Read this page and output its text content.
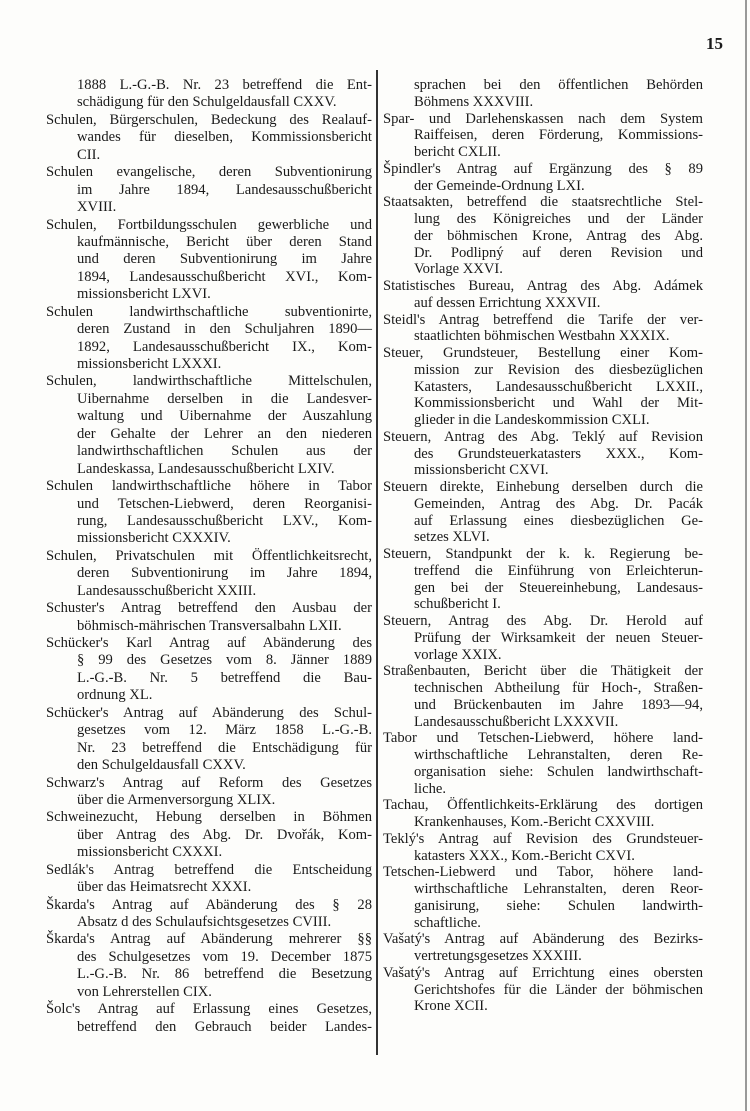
15
1888 L.-G.-B. Nr. 23 betreffend die Ent-
schädigung für den Schulgeldausfall CXXV.
Schulen, Bürgerschulen, Bedeckung des Realauf-
wandes für dieselben, Kommissionsbericht
CII.
Schulen evangelische, deren Subventionirung
im Jahre 1894, Landesausschußbericht
XVIII.
Schulen, Fortbildungsschulen gewerbliche und
kaufmännische, Bericht über deren Stand
und deren Subventionirung im Jahre
1894, Landesausschußbericht XVI., Kom-
missionsbericht LXVI.
Schulen landwirthschaftliche subventionirte,
deren Zustand in den Schuljahren 1890—
1892, Landesausschußbericht IX., Kom-
missionsbericht LXXXI.
Schulen, landwirthschaftliche Mittelschulen,
Uibernahme derselben in die Landesver-
waltung und Uibernahme der Auszahlung
der Gehalte der Lehrer an den niederen
landwirthschaftlichen Schulen aus der
Landeskassa, Landesausschußbericht LXIV.
Schulen landwirthschaftliche höhere in Tabor
und Tetschen-Liebwerd, deren Reorganisi-
rung, Landesausschußbericht LXV., Kom-
missionsbericht CXXXIV.
Schulen, Privatschulen mit Öffentlichkeitsrecht,
deren Subventionirung im Jahre 1894,
Landesausschußbericht XXIII.
Schuster's Antrag betreffend den Ausbau der
böhmisch-mährischen Transversalbahn LXII.
Schücker's Karl Antrag auf Abänderung des
§ 99 des Gesetzes vom 8. Jänner 1889
L.-G.-B. Nr. 5 betreffend die Bau-
ordnung XL.
Schücker's Antrag auf Abänderung des Schul-
gesetzes vom 12. März 1858 L.-G.-B.
Nr. 23 betreffend die Entschädigung für
den Schulgeldausfall CXXV.
Schwarz's Antrag auf Reform des Gesetzes
über die Armenversorgung XLIX.
Schweinezucht, Hebung derselben in Böhmen
über Antrag des Abg. Dr. Dvořák, Kom-
missionsbericht CXXXI.
Sedlák's Antrag betreffend die Entscheidung
über das Heimatsrecht XXXI.
Škarda's Antrag auf Abänderung des § 28
Absatz d des Schulaufsichtsgesetzes CVIII.
Škarda's Antrag auf Abänderung mehrerer §§
des Schulgesetzes vom 19. December 1875
L.-G.-B. Nr. 86 betreffend die Besetzung
von Lehrerstellen CIX.
Šolc's Antrag auf Erlassung eines Gesetzes,
betreffend den Gebrauch beider Landes-
sprachen bei den öffentlichen Behörden
Böhmens XXXVIII.
Spar- und Darlehenskassen nach dem System
Raiffeisen, deren Förderung, Kommissions-
bericht CXLII.
Špindler's Antrag auf Ergänzung des § 89
der Gemeinde-Ordnung LXI.
Staatsakten, betreffend die staatsrechtliche Stel-
lung des Königreiches und der Länder
der böhmischen Krone, Antrag des Abg.
Dr. Podlipný auf deren Revision und
Vorlage XXVI.
Statistisches Bureau, Antrag des Abg. Adámek
auf dessen Errichtung XXXVII.
Steidl's Antrag betreffend die Tarife der ver-
staatlichten böhmischen Westbahn XXXIX.
Steuer, Grundsteuer, Bestellung einer Kom-
mission zur Revision des diesbezüglichen
Katasters, Landesausschußbericht LXXII.,
Kommissionsbericht und Wahl der Mit-
glieder in die Landeskommission CXLI.
Steuern, Antrag des Abg. Teklý auf Revision
des Grundsteuerkatasters XXX., Kom-
missionsbericht CXVI.
Steuern direkte, Einhebung derselben durch die
Gemeinden, Antrag des Abg. Dr. Pacák
auf Erlassung eines diesbezüglichen Ge-
setzes XLVI.
Steuern, Standpunkt der k. k. Regierung be-
treffend die Einführung von Erleichterun-
gen bei der Steuereinhebung, Landesaus-
schußbericht I.
Steuern, Antrag des Abg. Dr. Herold auf
Prüfung der Wirksamkeit der neuen Steuer-
vorlage XXIX.
Straßenbauten, Bericht über die Thätigkeit der
technischen Abtheilung für Hoch-, Straßen-
und Brückenbauten im Jahre 1893—94,
Landesausschußbericht LXXXVII.
Tabor und Tetschen-Liebwerd, höhere land-
wirthschaftliche Lehranstalten, deren Re-
organisation siehe: Schulen landwirthschaft-
liche.
Tachau, Öffentlichkeits-Erklärung des dortigen
Krankenhauses, Kom.-Bericht CXXVIII.
Teklý's Antrag auf Revision des Grundsteuer-
katasters XXX., Kom.-Bericht CXVI.
Tetschen-Liebwerd und Tabor, höhere land-
wirthschaftliche Lehranstalten, deren Reor-
ganisirung, siehe: Schulen landwirth-
schaftliche.
Vašatý's Antrag auf Abänderung des Bezirks-
vertretungsgesetzes XXXIII.
Vašatý's Antrag auf Errichtung eines obersten
Gerichtshofes für die Länder der böhmischen
Krone XCII.
